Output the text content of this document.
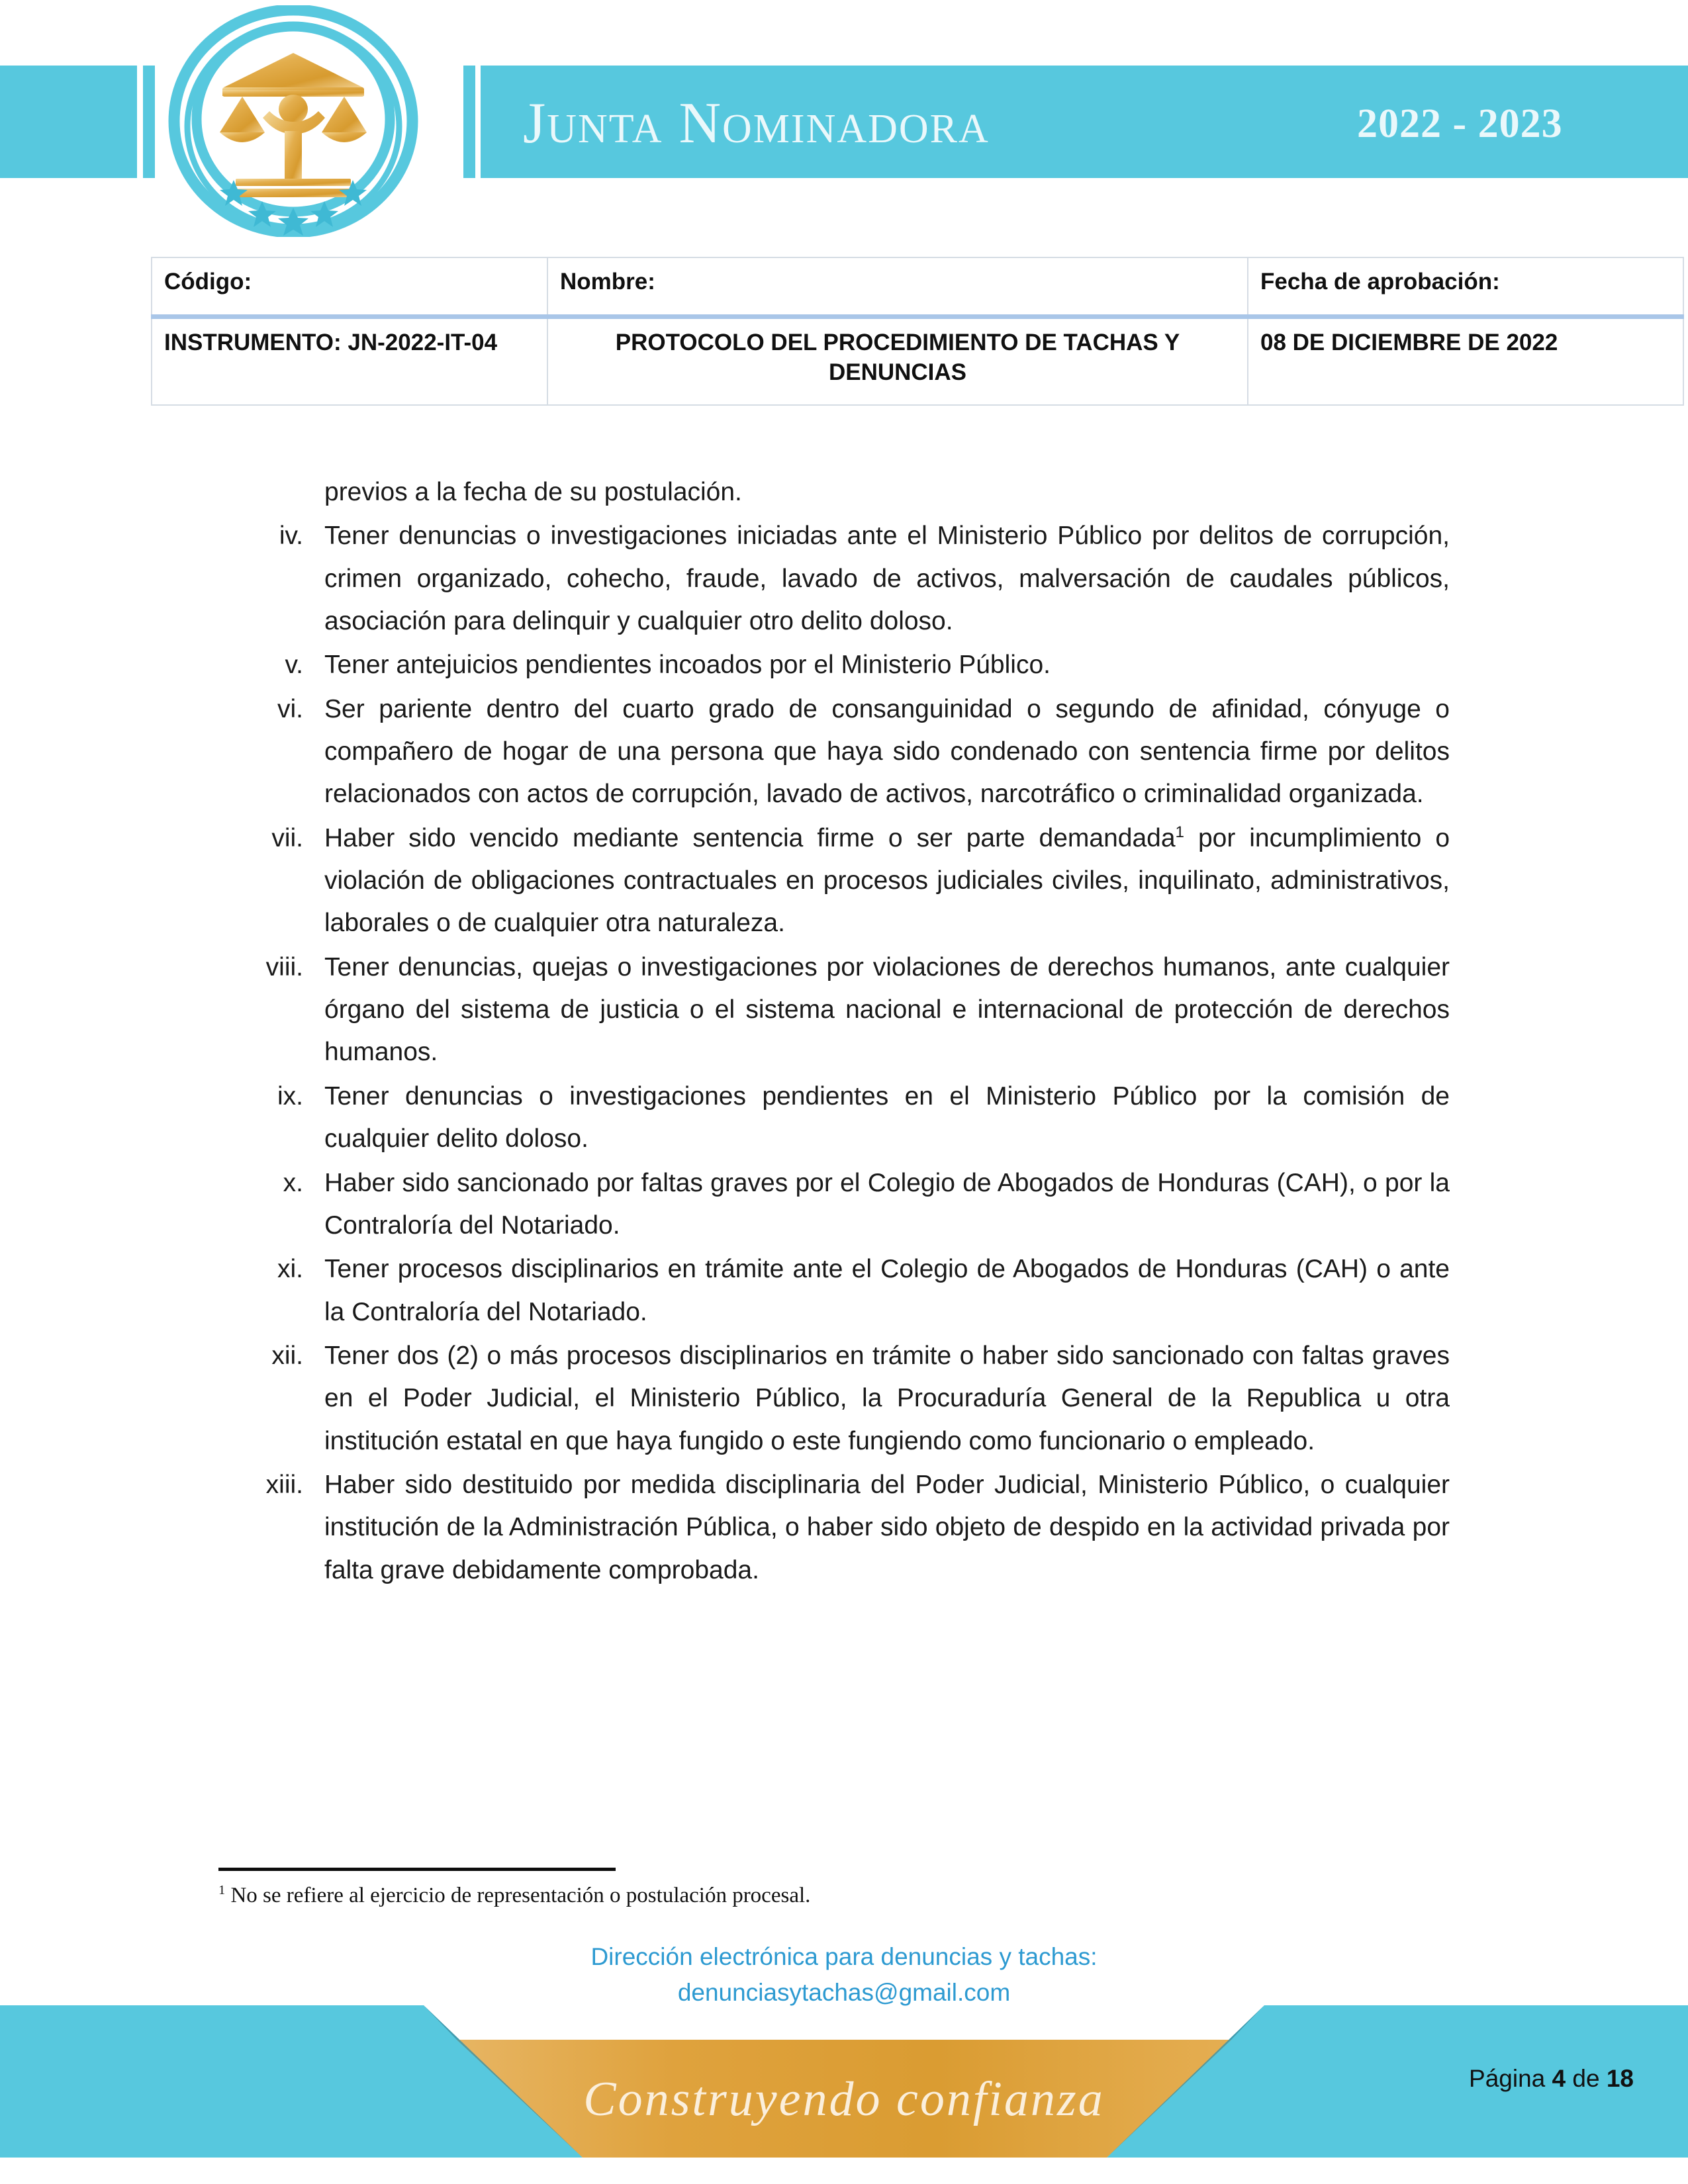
Junta Nominadora	2022 - 2023
Código:	Nombre:	Fecha de aprobación:
INSTRUMENTO: JN-2022-IT-04	PROTOCOLO DEL PROCEDIMIENTO DE TACHAS Y DENUNCIAS	08 DE DICIEMBRE DE 2022

previos a la fecha de su postulación.

iv. Tener denuncias o investigaciones iniciadas ante el Ministerio Público por delitos de corrupción, crimen organizado, cohecho, fraude, lavado de activos, malversación de caudales públicos, asociación para delinquir y cualquier otro delito doloso.
v. Tener antejuicios pendientes incoados por el Ministerio Público.
vi. Ser pariente dentro del cuarto grado de consanguinidad o segundo de afinidad, cónyuge o compañero de hogar de una persona que haya sido condenado con sentencia firme por delitos relacionados con actos de corrupción, lavado de activos, narcotráfico o criminalidad organizada.
vii. Haber sido vencido mediante sentencia firme o ser parte demandada$^1$ por incumplimiento o violación de obligaciones contractuales en procesos judiciales civiles, inquilinato, administrativos, laborales o de cualquier otra naturaleza.
viii. Tener denuncias, quejas o investigaciones por violaciones de derechos humanos, ante cualquier órgano del sistema de justicia o el sistema nacional e internacional de protección de derechos humanos.
ix. Tener denuncias o investigaciones pendientes en el Ministerio Público por la comisión de cualquier delito doloso.
x. Haber sido sancionado por faltas graves por el Colegio de Abogados de Honduras (CAH), o por la Contraloría del Notariado.
xi. Tener procesos disciplinarios en trámite ante el Colegio de Abogados de Honduras (CAH) o ante la Contraloría del Notariado.
xii. Tener dos (2) o más procesos disciplinarios en trámite o haber sido sancionado con faltas graves en el Poder Judicial, el Ministerio Público, la Procuraduría General de la Republica u otra institución estatal en que haya fungido o este fungiendo como funcionario o empleado.
xiii. Haber sido destituido por medida disciplinaria del Poder Judicial, Ministerio Público, o cualquier institución de la Administración Pública, o haber sido objeto de despido en la actividad privada por falta grave debidamente comprobada.
$^1$ No se refiere al ejercicio de representación o postulación procesal.
Dirección electrónica para denuncias y tachas:
denunciasytachas@gmail.com
Construyendo confianza	Página 4 de 18
